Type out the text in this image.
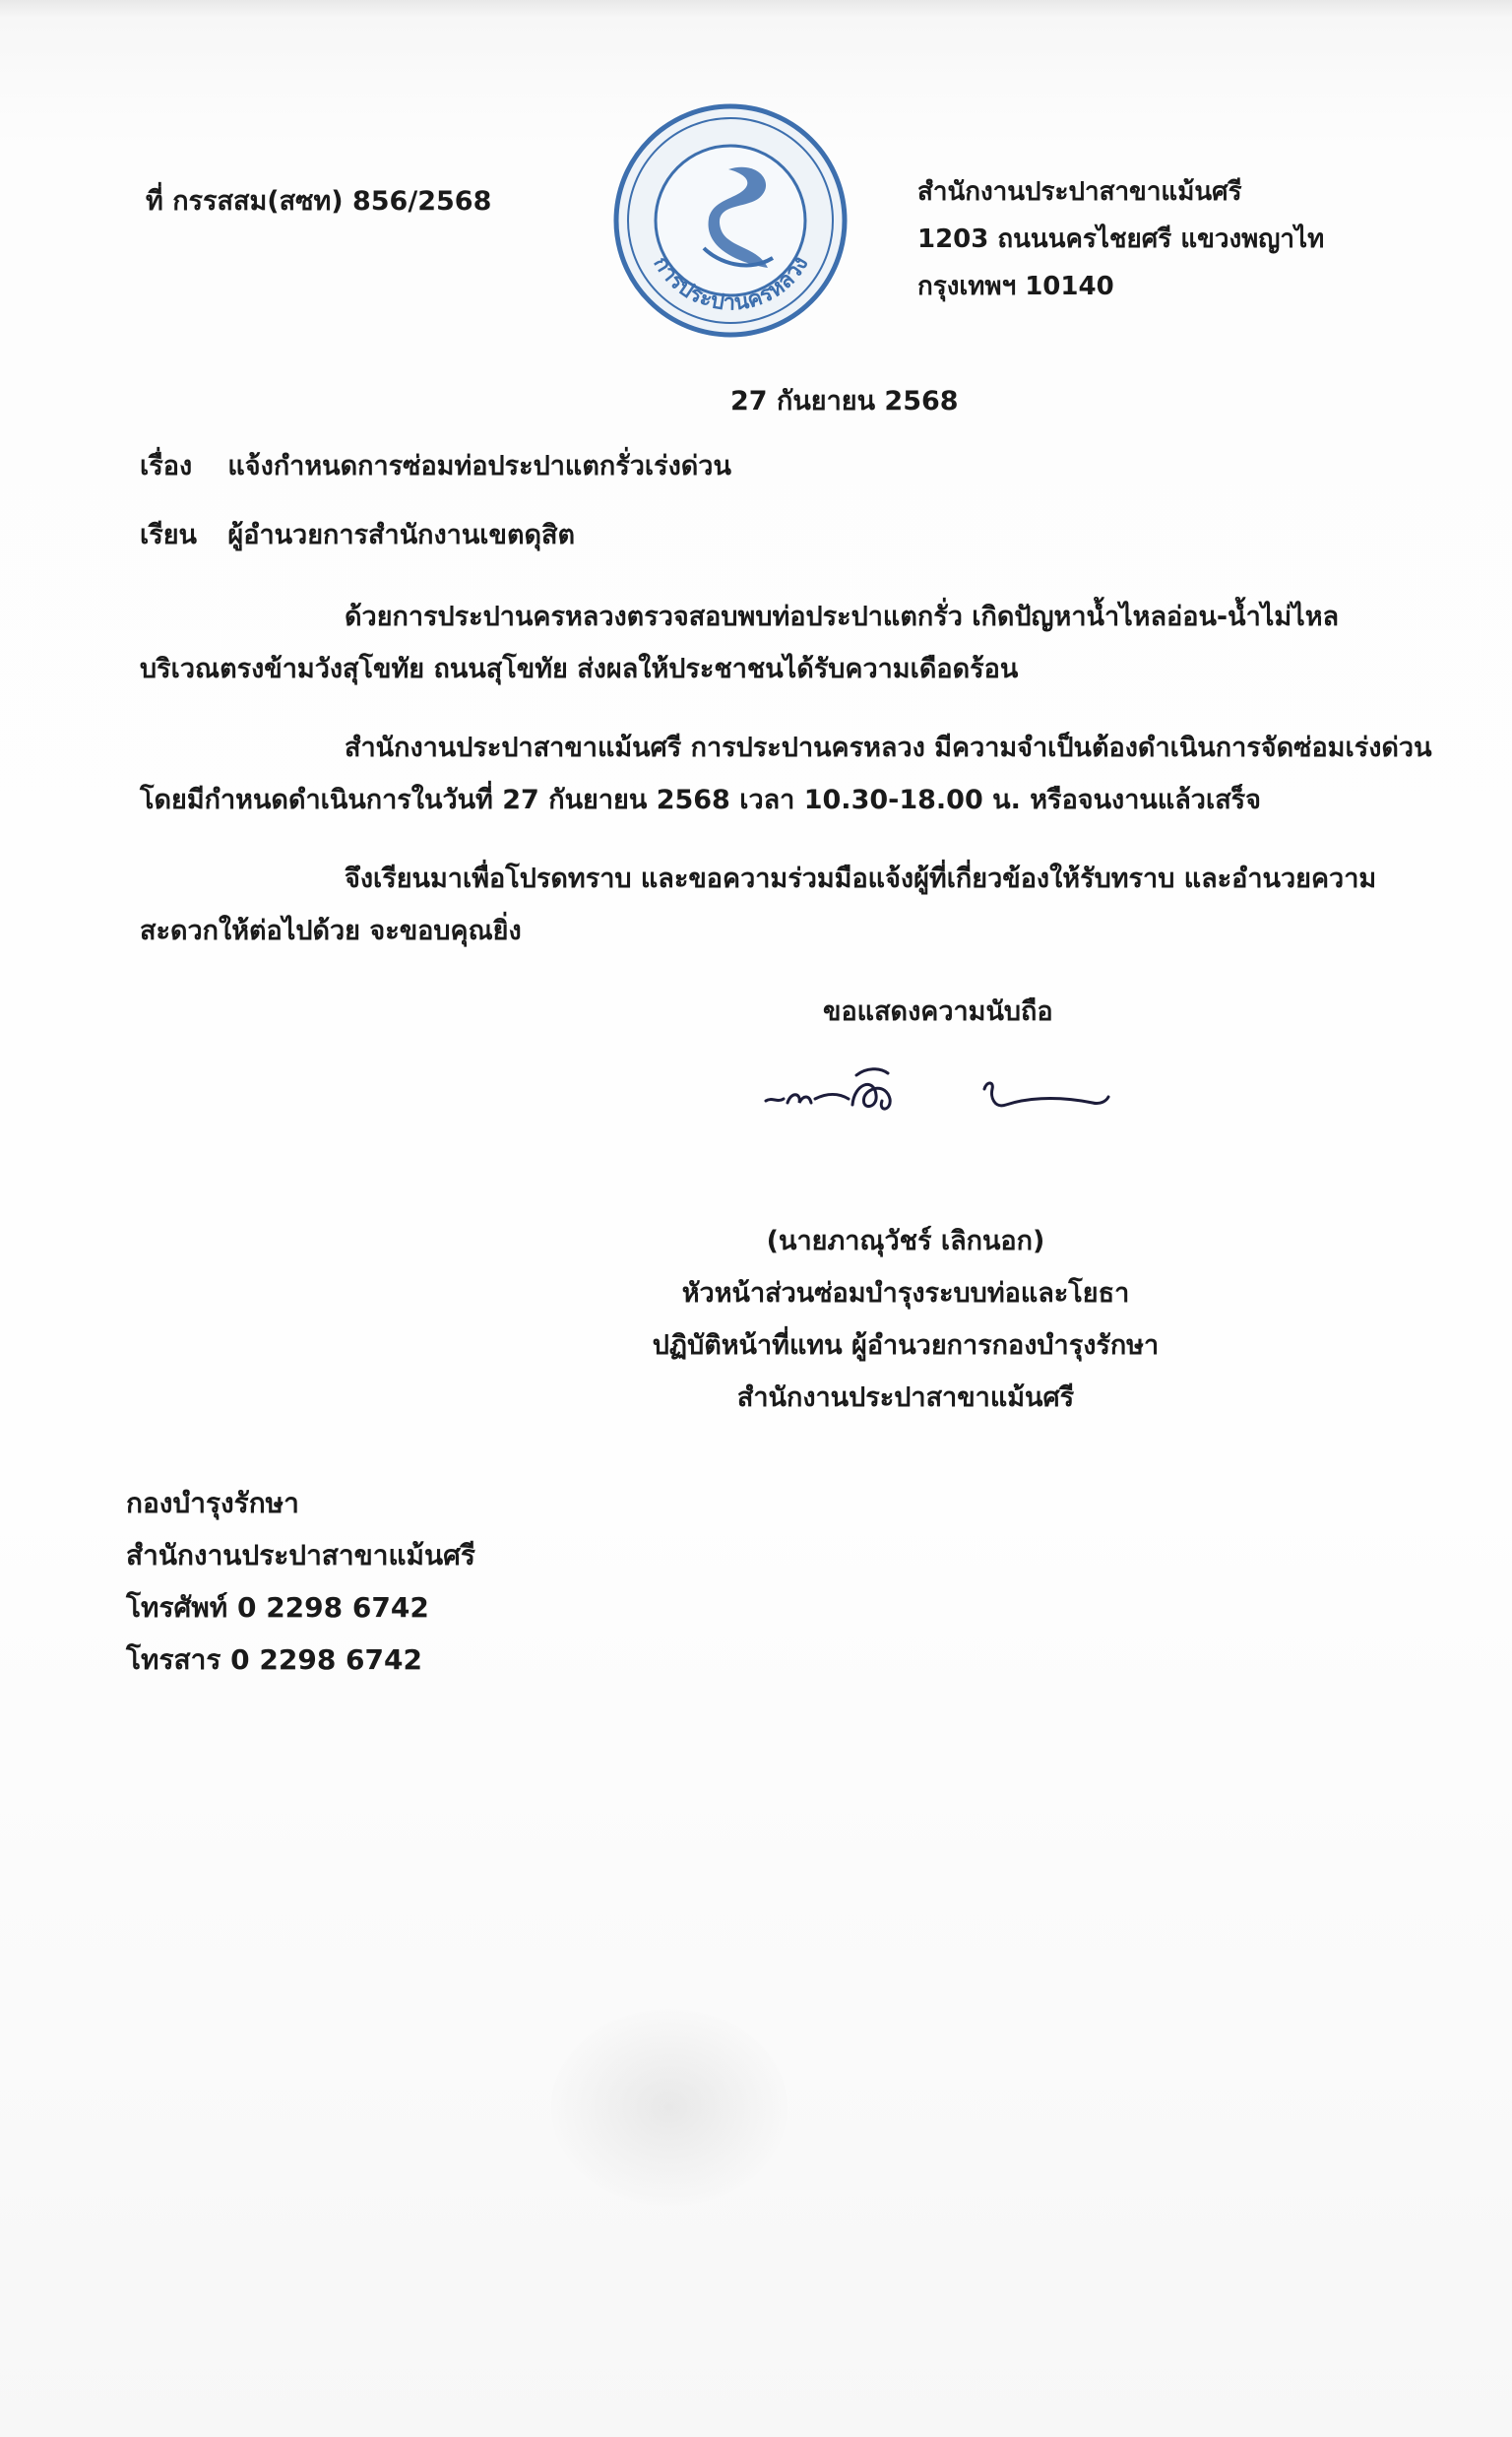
ที่ กรรสสม(สซท) 856/2568
การประปานครหลวง
สำนักงานประปาสาขาแม้นศรี
1203 ถนนนครไชยศรี แขวงพญาไท
กรุงเทพฯ 10140
27 กันยายน 2568
เรื่อง แจ้งกำหนดการซ่อมท่อประปาแตกรั่วเร่งด่วน
เรียน ผู้อำนวยการสำนักงานเขตดุสิต
ด้วยการประปานครหลวงตรวจสอบพบท่อประปาแตกรั่ว เกิดปัญหาน้ำไหลอ่อน-น้ำไม่ไหล
บริเวณตรงข้ามวังสุโขทัย ถนนสุโขทัย ส่งผลให้ประชาชนได้รับความเดือดร้อน
สำนักงานประปาสาขาแม้นศรี การประปานครหลวง มีความจำเป็นต้องดำเนินการจัดซ่อมเร่งด่วน
โดยมีกำหนดดำเนินการในวันที่ 27 กันยายน 2568 เวลา 10.30-18.00 น. หรือจนงานแล้วเสร็จ
จึงเรียนมาเพื่อโปรดทราบ และขอความร่วมมือแจ้งผู้ที่เกี่ยวข้องให้รับทราบ และอำนวยความ
สะดวกให้ต่อไปด้วย จะขอบคุณยิ่ง
ขอแสดงความนับถือ
(นายภาณุวัชร์ เลิกนอก)
หัวหน้าส่วนซ่อมบำรุงระบบท่อและโยธา
ปฏิบัติหน้าที่แทน ผู้อำนวยการกองบำรุงรักษา
สำนักงานประปาสาขาแม้นศรี
กองบำรุงรักษา
สำนักงานประปาสาขาแม้นศรี
โทรศัพท์ 0 2298 6742
โทรสาร 0 2298 6742
